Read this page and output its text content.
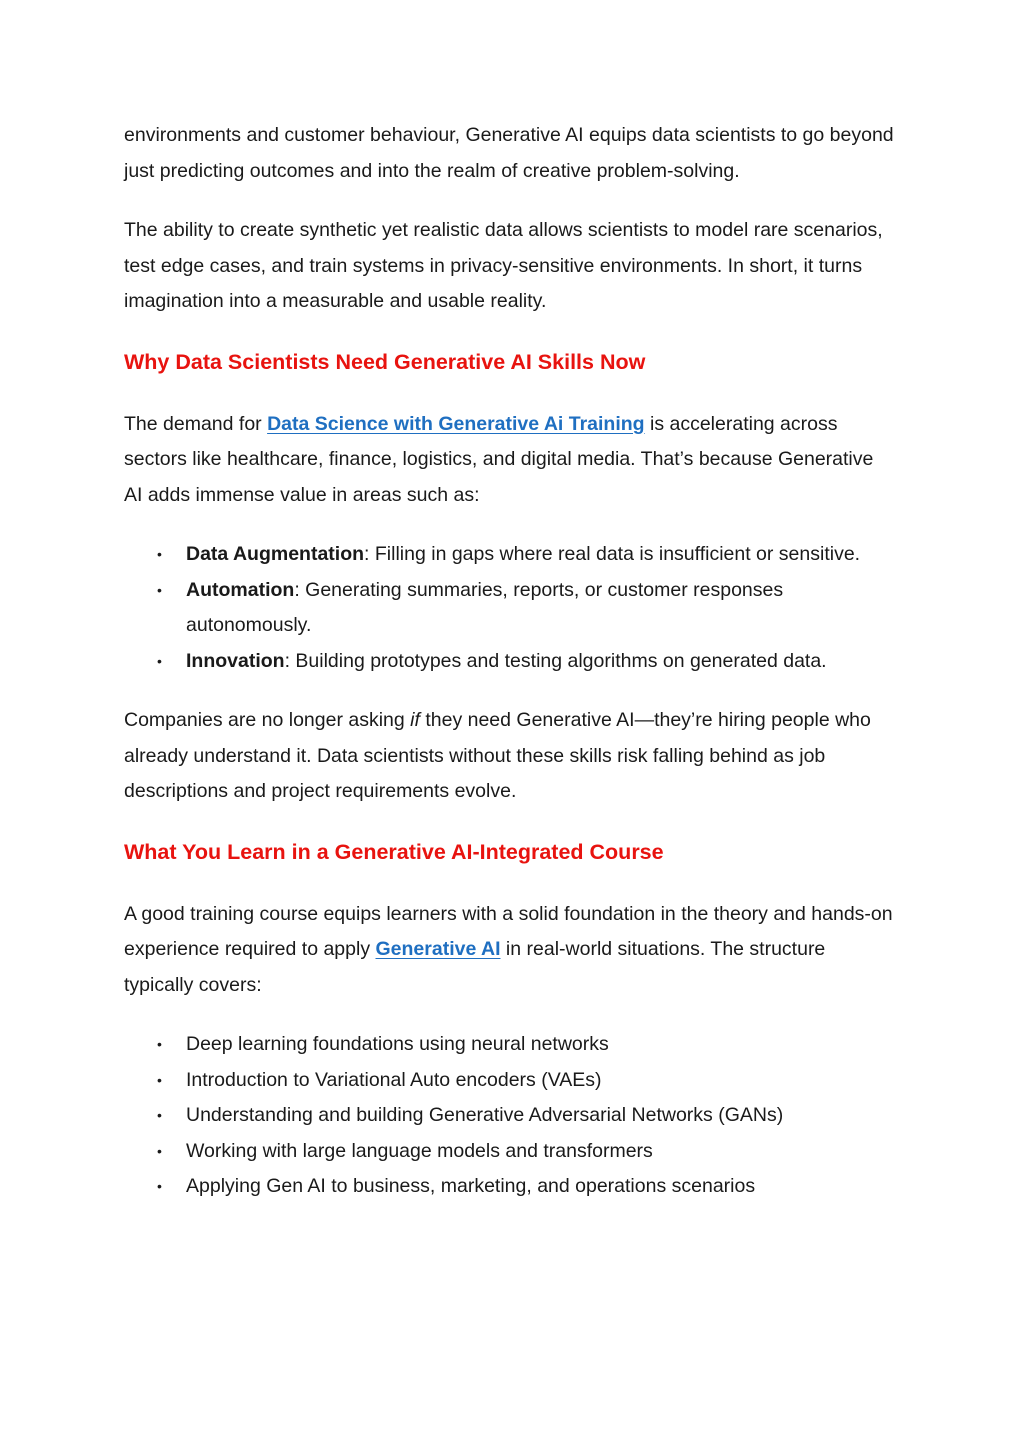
environments and customer behaviour, Generative AI equips data scientists to go beyond just predicting outcomes and into the realm of creative problem-solving.

The ability to create synthetic yet realistic data allows scientists to model rare scenarios, test edge cases, and train systems in privacy-sensitive environments. In short, it turns imagination into a measurable and usable reality.

Why Data Scientists Need Generative AI Skills Now

The demand for Data Science with Generative Ai Training is accelerating across sectors like healthcare, finance, logistics, and digital media. That’s because Generative AI adds immense value in areas such as:

• Data Augmentation: Filling in gaps where real data is insufficient or sensitive.
• Automation: Generating summaries, reports, or customer responses autonomously.
• Innovation: Building prototypes and testing algorithms on generated data.

Companies are no longer asking if they need Generative AI—they’re hiring people who already understand it. Data scientists without these skills risk falling behind as job descriptions and project requirements evolve.

What You Learn in a Generative AI-Integrated Course

A good training course equips learners with a solid foundation in the theory and hands-on experience required to apply Generative AI in real-world situations. The structure typically covers:

• Deep learning foundations using neural networks
• Introduction to Variational Auto encoders (VAEs)
• Understanding and building Generative Adversarial Networks (GANs)
• Working with large language models and transformers
• Applying Gen AI to business, marketing, and operations scenarios
